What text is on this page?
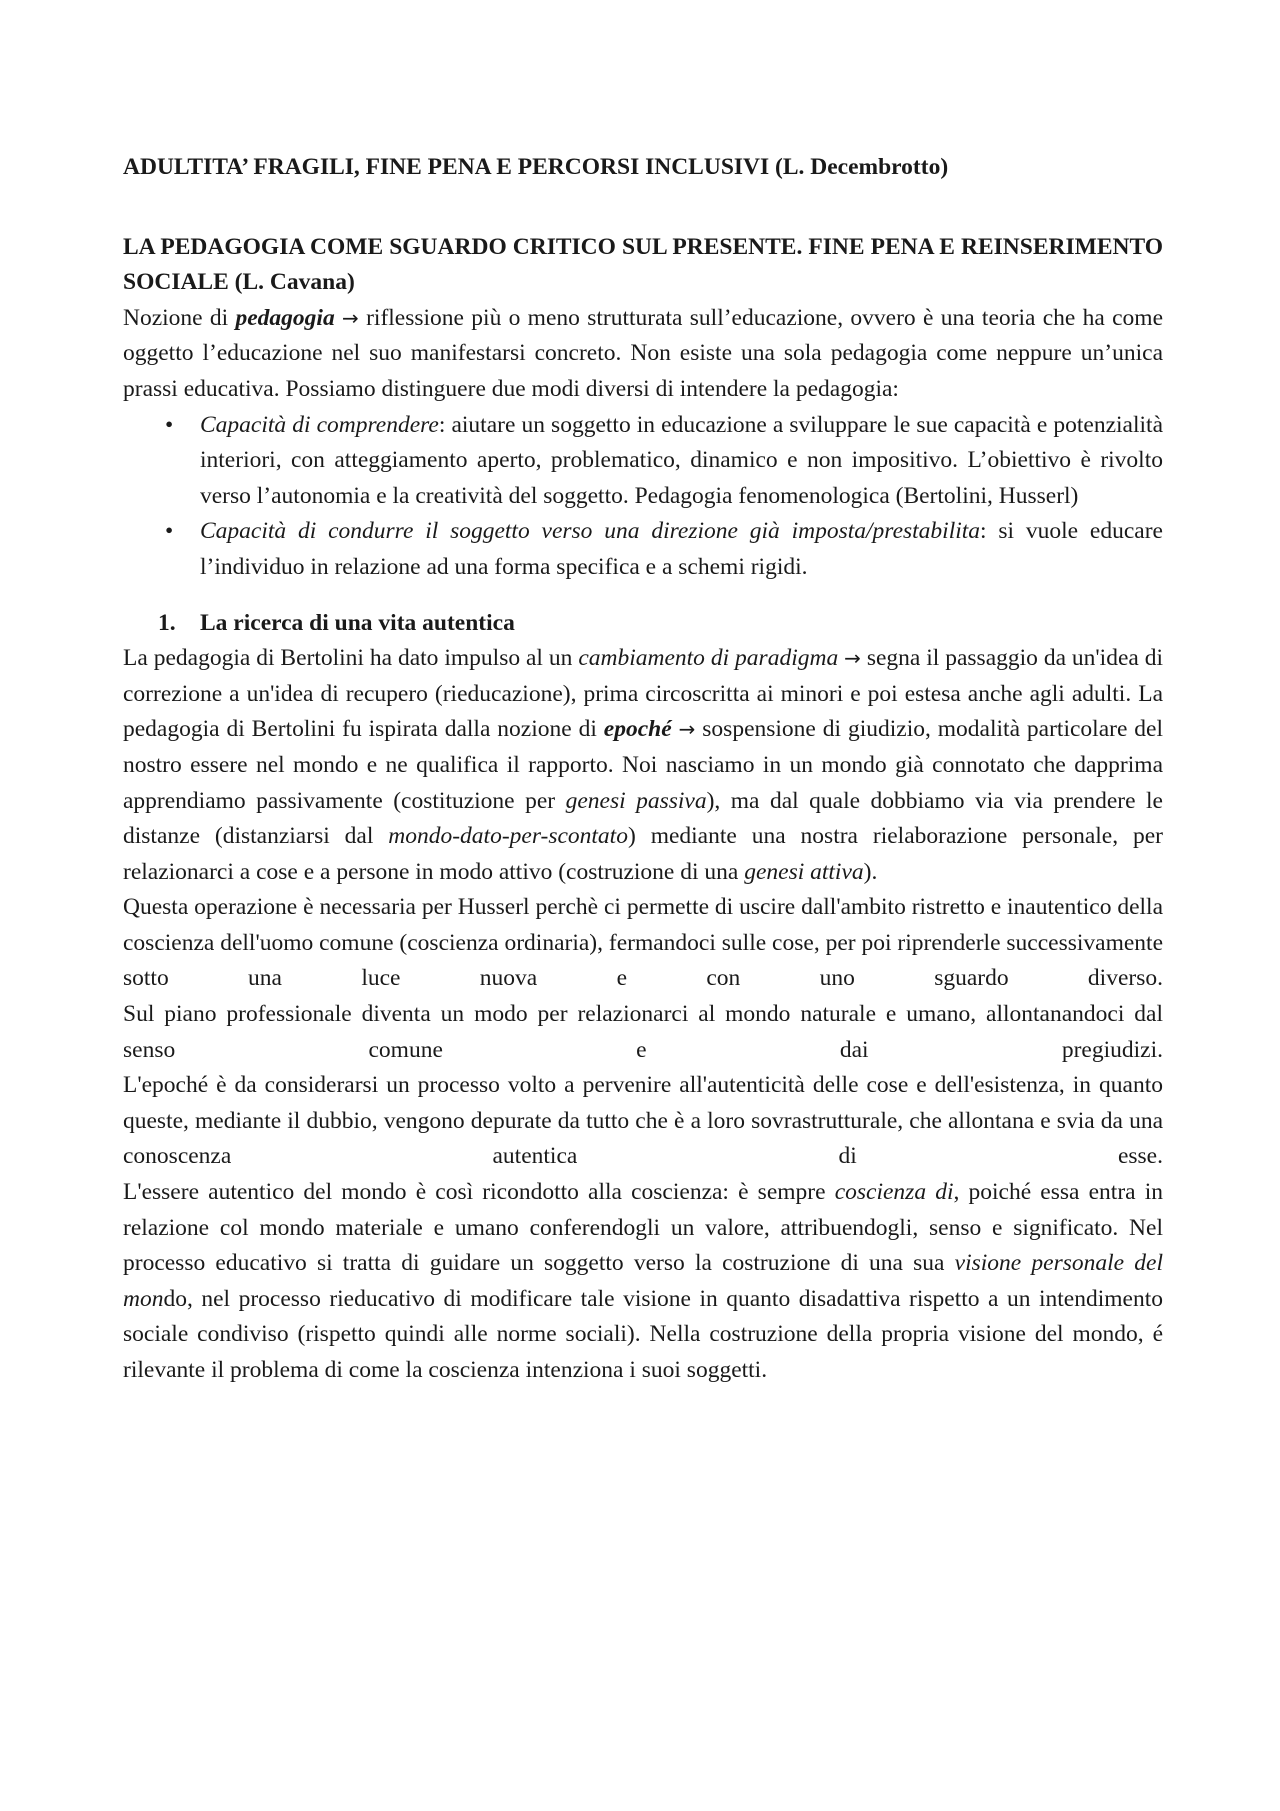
ADULTITA’ FRAGILI, FINE PENA E PERCORSI INCLUSIVI (L. Decembrotto)
LA PEDAGOGIA COME SGUARDO CRITICO SUL PRESENTE. FINE PENA E REINSERIMENTO SOCIALE (L. Cavana)

Nozione di pedagogia → riflessione più o meno strutturata sull’educazione, ovvero è una teoria che ha come oggetto l’educazione nel suo manifestarsi concreto. Non esiste una sola pedagogia come neppure un’unica prassi educativa. Possiamo distinguere due modi diversi di intendere la pedagogia:

• Capacità di comprendere: aiutare un soggetto in educazione a sviluppare le sue capacità e potenzialità interiori, con atteggiamento aperto, problematico, dinamico e non impositivo. L’obiettivo è rivolto verso l’autonomia e la creatività del soggetto. Pedagogia fenomenologica (Bertolini, Husserl)
• Capacità di condurre il soggetto verso una direzione già imposta/prestabilita: si vuole educare l’individuo in relazione ad una forma specifica e a schemi rigidi.
1. La ricerca di una vita autentica

La pedagogia di Bertolini ha dato impulso al un cambiamento di paradigma → segna il passaggio da un'idea di correzione a un'idea di recupero (rieducazione), prima circoscritta ai minori e poi estesa anche agli adulti. La pedagogia di Bertolini fu ispirata dalla nozione di epoché → sospensione di giudizio, modalità particolare del nostro essere nel mondo e ne qualifica il rapporto. Noi nasciamo in un mondo già connotato che dapprima apprendiamo passivamente (costituzione per genesi passiva), ma dal quale dobbiamo via via prendere le distanze (distanziarsi dal mondo-dato-per-scontato) mediante una nostra rielaborazione personale, per relazionarci a cose e a persone in modo attivo (costruzione di una genesi attiva).

Questa operazione è necessaria per Husserl perchè ci permette di uscire dall'ambito ristretto e inautentico della coscienza dell'uomo comune (coscienza ordinaria), fermandoci sulle cose, per poi riprenderle successivamente sotto una luce nuova e con uno sguardo diverso.

Sul piano professionale diventa un modo per relazionarci al mondo naturale e umano, allontanandoci dal senso comune e dai pregiudizi.

L'epoché è da considerarsi un processo volto a pervenire all'autenticità delle cose e dell'esistenza, in quanto queste, mediante il dubbio, vengono depurate da tutto che è a loro sovrastrutturale, che allontana e svia da una conoscenza autentica di esse.

L'essere autentico del mondo è così ricondotto alla coscienza: è sempre coscienza di, poiché essa entra in relazione col mondo materiale e umano conferendogli un valore, attribuendogli, senso e significato. Nel processo educativo si tratta di guidare un soggetto verso la costruzione di una sua visione personale del mondo, nel processo rieducativo di modificare tale visione in quanto disadattiva rispetto a un intendimento sociale condiviso (rispetto quindi alle norme sociali). Nella costruzione della propria visione del mondo, é rilevante il problema di come la coscienza intenziona i suoi soggetti.
